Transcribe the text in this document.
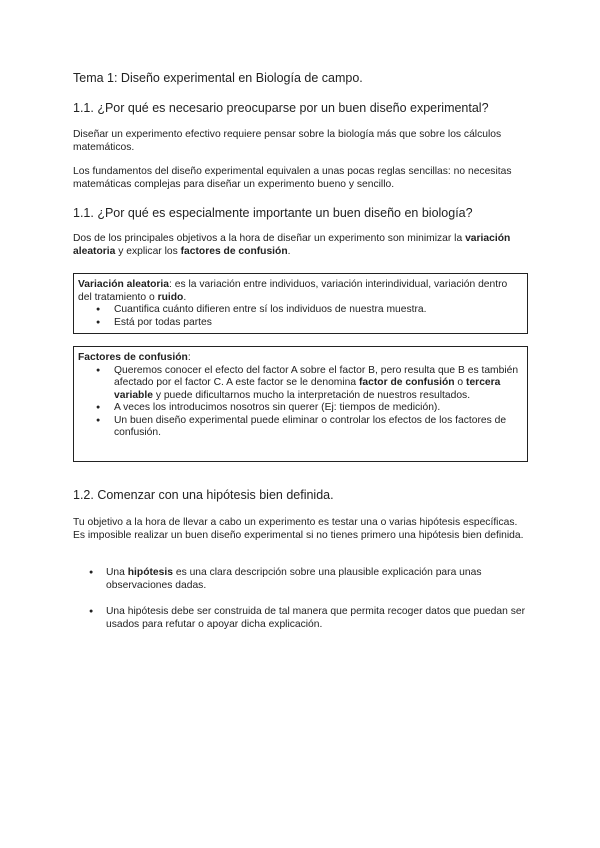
Tema 1: Diseño experimental en Biología de campo.
1.1. ¿Por qué es necesario preocuparse por un buen diseño experimental?
Diseñar un experimento efectivo requiere pensar sobre la biología más que sobre los cálculos matemáticos.
Los fundamentos del diseño experimental equivalen a unas pocas reglas sencillas: no necesitas matemáticas complejas para diseñar un experimento bueno y sencillo.
1.1. ¿Por qué es especialmente importante un buen diseño en biología?
Dos de los principales objetivos a la hora de diseñar un experimento son minimizar la variación aleatoria y explicar los factores de confusión.
Variación aleatoria: es la variación entre individuos, variación interindividual, variación dentro del tratamiento o ruido.
● Cuantifica cuánto difieren entre sí los individuos de nuestra muestra.
● Está por todas partes
Factores de confusión:
● Queremos conocer el efecto del factor A sobre el factor B, pero resulta que B es también afectado por el factor C. A este factor se le denomina factor de confusión o tercera variable y puede dificultarnos mucho la interpretación de nuestros resultados.
● A veces los introducimos nosotros sin querer (Ej: tiempos de medición).
● Un buen diseño experimental puede eliminar o controlar los efectos de los factores de confusión.
1.2. Comenzar con una hipótesis bien definida.
Tu objetivo a la hora de llevar a cabo un experimento es testar una o varias hipótesis específicas. Es imposible realizar un buen diseño experimental si no tienes primero una hipótesis bien definida.
● Una hipótesis es una clara descripción sobre una plausible explicación para unas observaciones dadas.
● Una hipótesis debe ser construida de tal manera que permita recoger datos que puedan ser usados para refutar o apoyar dicha explicación.
